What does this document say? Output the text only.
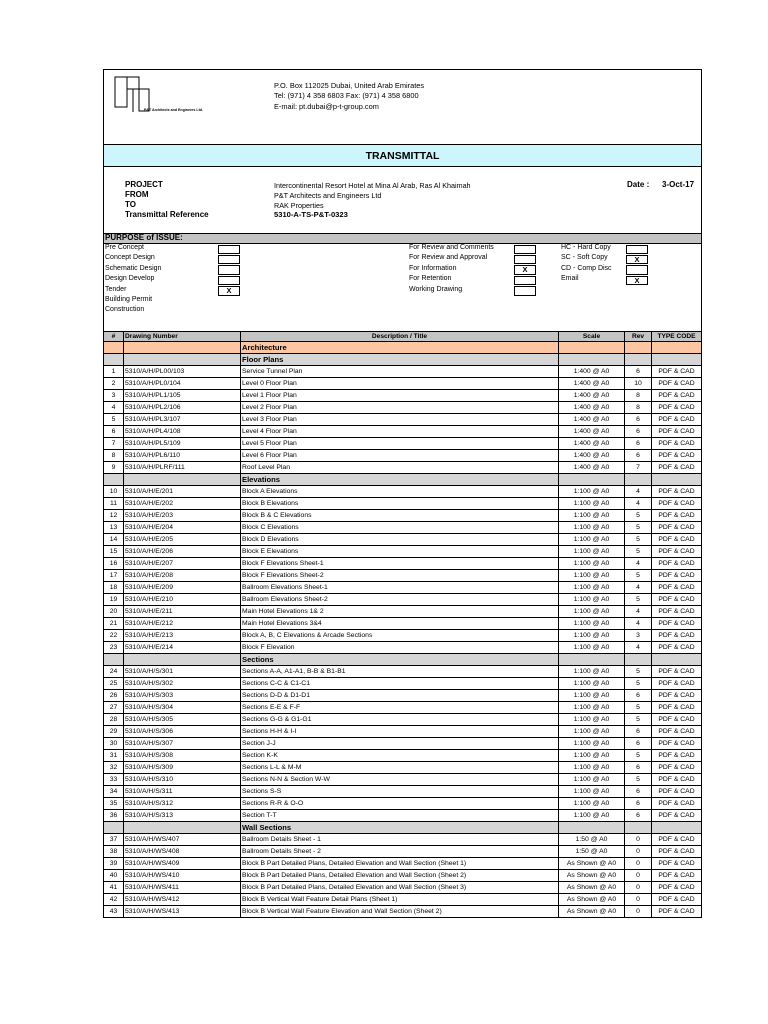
P&T Architects and Engineers Ltd.
P.O. Box 112025 Dubai, United Arab Emirates
Tel: (971) 4 358 6803 Fax: (971) 4 358 6800
E-mail: pt.dubai@p-t-group.com
TRANSMITTAL
PROJECT
FROM
TO
Transmittal Reference
Intercontinental Resort Hotel at Mina Al Arab, Ras Al Khaimah
P&T Architects and Engineers Ltd
RAK Properties
5310-A-TS-P&T-0323
Date : 3-Oct-17
PURPOSE of ISSUE:
Pre Concept
Concept Design
Schematic Design
Design Develop
Tender	X
Building Permit
Construction
For Review and Comments
For Review and Approval
For Information	X
For Retention
Working Drawing
HC - Hard Copy
SC - Soft Copy	X
CD - Comp Disc
Email	X
#	Drawing Number	Description / Title	Scale	Rev	TYPE CODE
Architecture
Floor Plans
1	5310/A/H/PL00/103	Service Tunnel Plan	1:400 @ A0	6	PDF & CAD
2	5310/A/H/PL0/104	Level 0 Floor Plan	1:400 @ A0	10	PDF & CAD
3	5310/A/H/PL1/105	Level 1 Floor Plan	1:400 @ A0	8	PDF & CAD
4	5310/A/H/PL2/106	Level 2 Floor Plan	1:400 @ A0	8	PDF & CAD
5	5310/A/H/PL3/107	Level 3 Floor Plan	1:400 @ A0	6	PDF & CAD
6	5310/A/H/PL4/108	Level 4 Floor Plan	1:400 @ A0	6	PDF & CAD
7	5310/A/H/PL5/109	Level 5 Floor Plan	1:400 @ A0	6	PDF & CAD
8	5310/A/H/PL6/110	Level 6 Floor Plan	1:400 @ A0	6	PDF & CAD
9	5310/A/H/PLRF/111	Roof Level Plan	1:400 @ A0	7	PDF & CAD
Elevations
10	5310/A/H/E/201	Block A Elevations	1:100 @ A0	4	PDF & CAD
11	5310/A/H/E/202	Block B Elevations	1:100 @ A0	4	PDF & CAD
12	5310/A/H/E/203	Block B & C Elevations	1:100 @ A0	5	PDF & CAD
13	5310/A/H/E/204	Block C Elevations	1:100 @ A0	5	PDF & CAD
14	5310/A/H/E/205	Block D Elevations	1:100 @ A0	5	PDF & CAD
15	5310/A/H/E/206	Block E Elevations	1:100 @ A0	5	PDF & CAD
16	5310/A/H/E/207	Block F Elevations Sheet-1	1:100 @ A0	4	PDF & CAD
17	5310/A/H/E/208	Block F Elevations Sheet-2	1:100 @ A0	5	PDF & CAD
18	5310/A/H/E/209	Ballroom Elevations Sheet-1	1:100 @ A0	4	PDF & CAD
19	5310/A/H/E/210	Ballroom Elevations Sheet-2	1:100 @ A0	5	PDF & CAD
20	5310/A/H/E/211	Main Hotel Elevations 1& 2	1:100 @ A0	4	PDF & CAD
21	5310/A/H/E/212	Main Hotel Elevations 3&4	1:100 @ A0	4	PDF & CAD
22	5310/A/H/E/213	Block A, B, C Elevations & Arcade Sections	1:100 @ A0	3	PDF & CAD
23	5310/A/H/E/214	Block F Elevation	1:100 @ A0	4	PDF & CAD
Sections
24	5310/A/H/S/301	Sections A-A, A1-A1, B-B & B1-B1	1:100 @ A0	5	PDF & CAD
25	5310/A/H/S/302	Sections C-C & C1-C1	1:100 @ A0	5	PDF & CAD
26	5310/A/H/S/303	Sections D-D & D1-D1	1:100 @ A0	6	PDF & CAD
27	5310/A/H/S/304	Sections E-E & F-F	1:100 @ A0	5	PDF & CAD
28	5310/A/H/S/305	Sections G-G & G1-G1	1:100 @ A0	5	PDF & CAD
29	5310/A/H/S/306	Sections H-H & I-I	1:100 @ A0	6	PDF & CAD
30	5310/A/H/S/307	Section J-J	1:100 @ A0	6	PDF & CAD
31	5310/A/H/S/308	Section K-K	1:100 @ A0	5	PDF & CAD
32	5310/A/H/S/309	Sections L-L & M-M	1:100 @ A0	6	PDF & CAD
33	5310/A/H/S/310	Sections N-N & Section W-W	1:100 @ A0	5	PDF & CAD
34	5310/A/H/S/311	Sections S-S	1:100 @ A0	6	PDF & CAD
35	5310/A/H/S/312	Sections R-R & O-O	1:100 @ A0	6	PDF & CAD
36	5310/A/H/S/313	Section T-T	1:100 @ A0	6	PDF & CAD
Wall Sections
37	5310/A/H/WS/407	Ballroom Details Sheet - 1	1:50 @ A0	0	PDF & CAD
38	5310/A/H/WS/408	Ballroom Details Sheet - 2	1:50 @ A0	0	PDF & CAD
39	5310/A/H/WS/409	Block B Part Detailed Plans, Detailed Elevation and Wall Section (Sheet 1)	As Shown @ A0	0	PDF & CAD
40	5310/A/H/WS/410	Block B Part Detailed Plans, Detailed Elevation and Wall Section (Sheet 2)	As Shown @ A0	0	PDF & CAD
41	5310/A/H/WS/411	Block B Part Detailed Plans, Detailed Elevation and Wall Section (Sheet 3)	As Shown @ A0	0	PDF & CAD
42	5310/A/H/WS/412	Block B Vertical Wall Feature Detail Plans (Sheet 1)	As Shown @ A0	0	PDF & CAD
43	5310/A/H/WS/413	Block B Vertical Wall Feature Elevation and Wall Section (Sheet 2)	As Shown @ A0	0	PDF & CAD
